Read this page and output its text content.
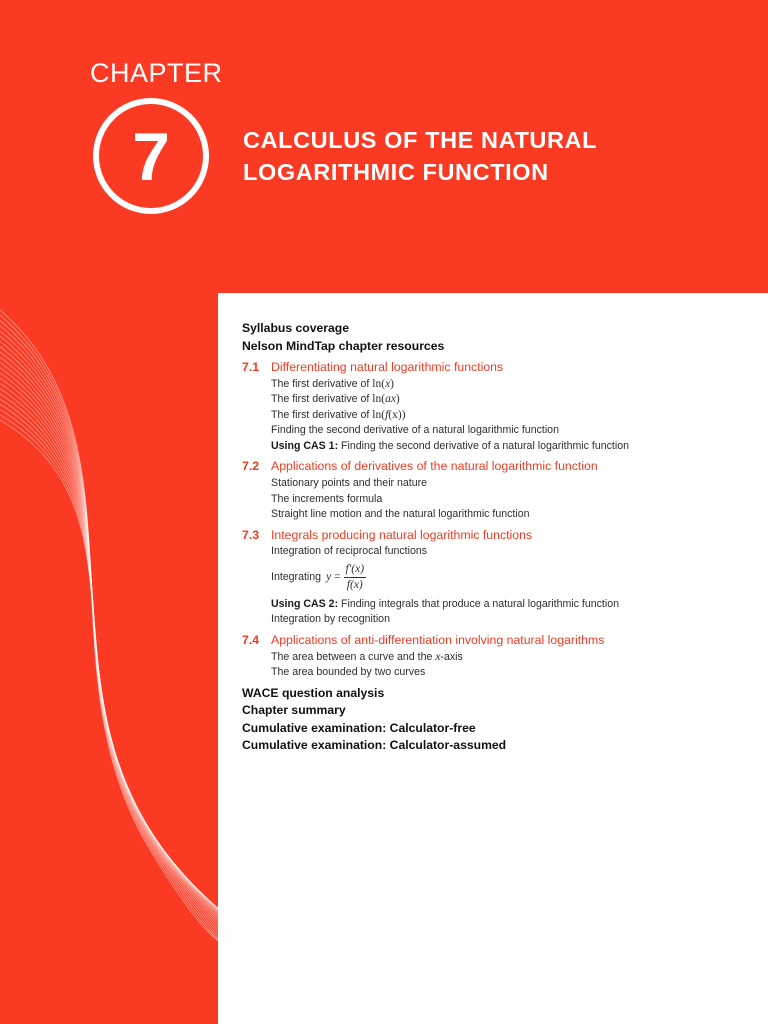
CHAPTER
7	CALCULUS OF THE NATURAL
LOGARITHMIC FUNCTION
Syllabus coverage
Nelson MindTap chapter resources
7.1 Differentiating natural logarithmic functions
The first derivative of ln(x)
The first derivative of ln(ax)
The first derivative of ln(f(x))
Finding the second derivative of a natural logarithmic function
Using CAS 1: Finding the second derivative of a natural logarithmic function
7.2 Applications of derivatives of the natural logarithmic function
Stationary points and their nature
The increments formula
Straight line motion and the natural logarithmic function
7.3 Integrals producing natural logarithmic functions
Integration of reciprocal functions
Integrating $y = \frac{f'(x)}{f(x)}$
Using CAS 2: Finding integrals that produce a natural logarithmic function
Integration by recognition
7.4 Applications of anti-differentiation involving natural logarithms
The area between a curve and the x-axis
The area bounded by two curves
WACE question analysis
Chapter summary
Cumulative examination: Calculator-free
Cumulative examination: Calculator-assumed
